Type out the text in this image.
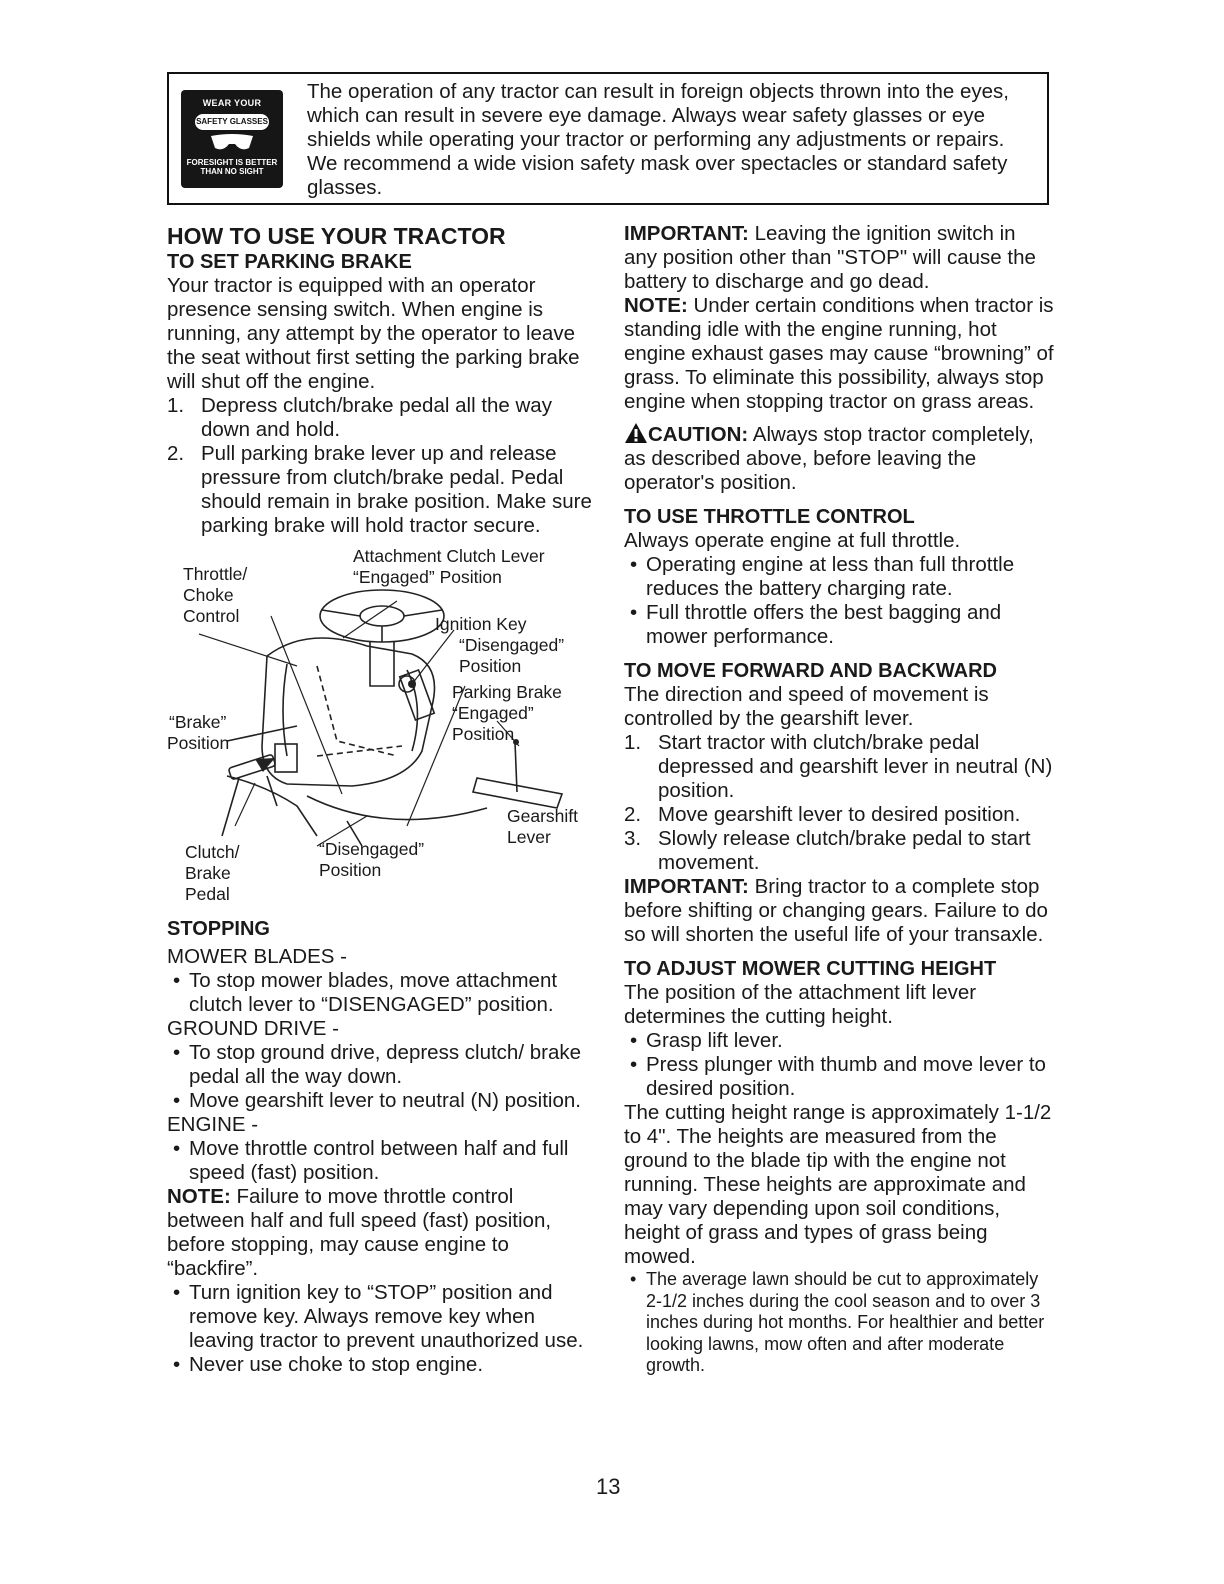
WEAR YOUR
SAFETY GLASSES
FORESIGHT IS BETTER
THAN NO SIGHT
The operation of any tractor can result in foreign objects thrown into the eyes, which can result in severe eye damage. Always wear safety glasses or eye shields while operating your tractor or performing any adjustments or repairs. We recommend a wide vision safety mask over spectacles or standard safety glasses.
HOW TO USE YOUR TRACTOR
TO SET PARKING BRAKE

Your tractor is equipped with an operator presence sensing switch. When engine is running, any attempt by the operator to leave the seat without first setting the parking brake will shut off the engine.

1. Depress clutch/brake pedal all the way down and hold.
2. Pull parking brake lever up and release pressure from clutch/brake pedal. Pedal should remain in brake position. Make sure parking brake will hold tractor secure.
Attachment Clutch Lever
“Engaged” Position
Throttle/
Choke
Control	Ignition Key
“Disengaged”
Position
Parking Brake
“Engaged”
Position
“Brake”
Position
Gearshift
Lever
Clutch/
Brake
Pedal
“Disengaged”
Position
STOPPING

MOWER BLADES -

• To stop mower blades, move attachment clutch lever to “DISENGAGED” position.

GROUND DRIVE -

• To stop ground drive, depress clutch/ brake pedal all the way down.
• Move gearshift lever to neutral (N) position.

ENGINE -

• Move throttle control between half and full speed (fast) position.

NOTE: Failure to move throttle control between half and full speed (fast) position, before stopping, may cause engine to “backfire”.

• Turn ignition key to “STOP” position and remove key. Always remove key when leaving tractor to prevent unauthorized use.
• Never use choke to stop engine.

IMPORTANT: Leaving the ignition switch in any position other than "STOP" will cause the battery to discharge and go dead.

NOTE: Under certain conditions when tractor is standing idle with the engine running, hot engine exhaust gases may cause “browning” of grass. To eliminate this possibility, always stop engine when stopping tractor on grass areas.

CAUTION: Always stop tractor completely, as described above, before leaving the operator's position.

TO USE THROTTLE CONTROL

Always operate engine at full throttle.

• Operating engine at less than full throttle reduces the battery charging rate.
• Full throttle offers the best bagging and mower performance.
TO MOVE FORWARD AND BACKWARD

The direction and speed of movement is controlled by the gearshift lever.

1. Start tractor with clutch/brake pedal depressed and gearshift lever in neutral (N) position.
2. Move gearshift lever to desired position.
3. Slowly release clutch/brake pedal to start movement.

IMPORTANT: Bring tractor to a complete stop before shifting or changing gears. Failure to do so will shorten the useful life of your transaxle.

TO ADJUST MOWER CUTTING HEIGHT

The position of the attachment lift lever determines the cutting height.

• Grasp lift lever.
• Press plunger with thumb and move lever to desired position.

The cutting height range is approximately 1-1/2 to 4". The heights are measured from the ground to the blade tip with the engine not running. These heights are approximate and may vary depending upon soil conditions, height of grass and types of grass being mowed.

• The average lawn should be cut to approximately 2-1/2 inches during the cool season and to over 3 inches during hot months. For healthier and better looking lawns, mow often and after moderate growth.
13
